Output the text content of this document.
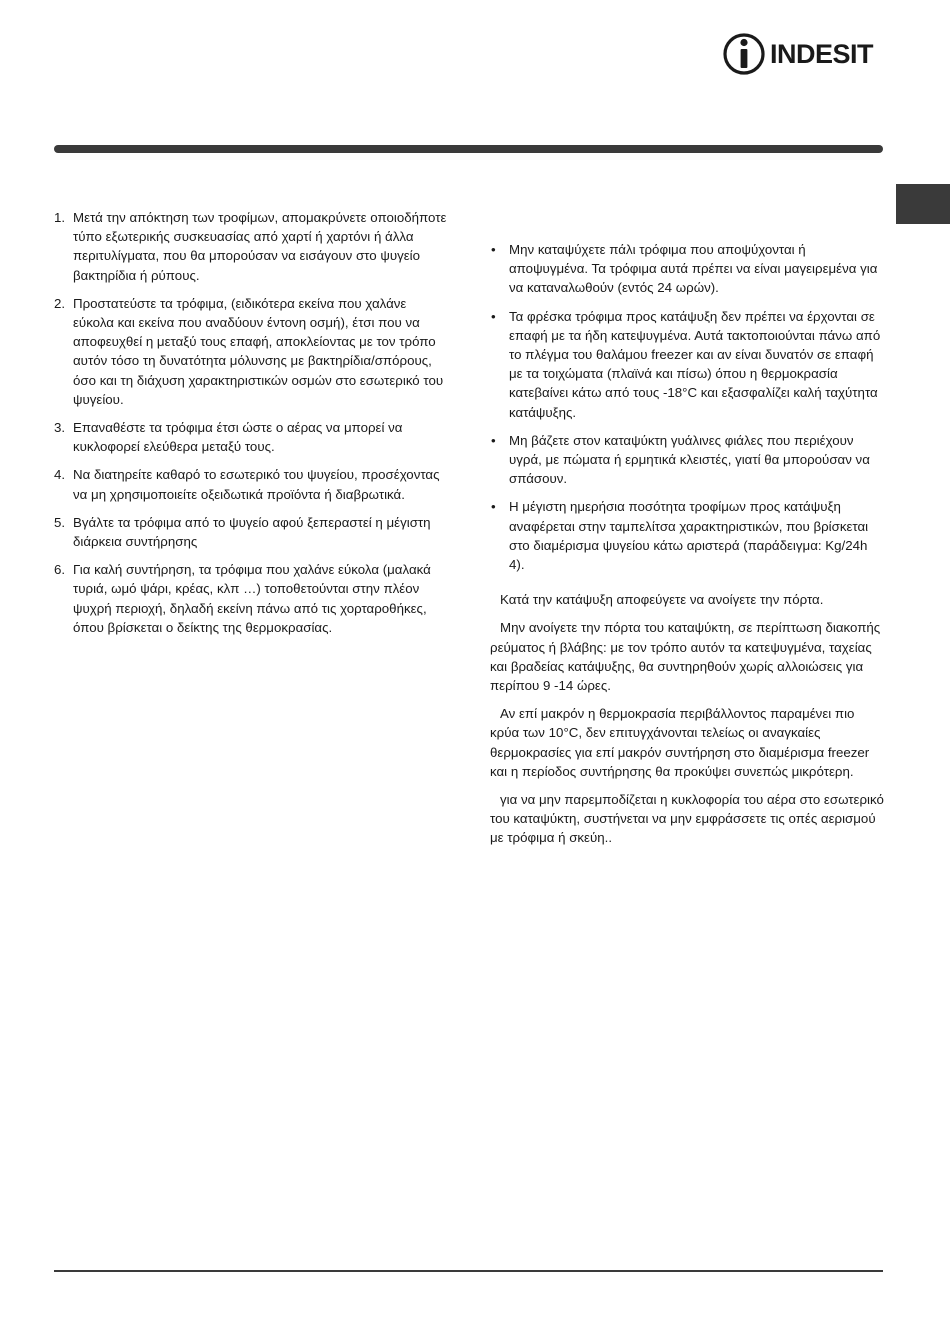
INDESIT
1. Μετά την απόκτηση των τροφίμων, απομακρύνετε οποιοδήποτε τύπο εξωτερικής συσκευασίας από χαρτί ή χαρτόνι ή άλλα περιτυλίγματα, που θα μπορούσαν να εισάγουν στο ψυγείο βακτηρίδια ή ρύπους.
2. Προστατεύστε τα τρόφιμα, (ειδικότερα εκείνα που χαλάνε εύκολα και εκείνα που αναδύουν έντονη οσμή), έτσι που να αποφευχθεί η μεταξύ τους επαφή, αποκλείοντας με τον τρόπο αυτόν τόσο τη δυνατότητα μόλυνσης με βακτηρίδια/σπόρους, όσο και τη διάχυση χαρακτηριστικών οσμών στο εσωτερικό του ψυγείου.
3. Επαναθέστε τα τρόφιμα έτσι ώστε ο αέρας να μπορεί να κυκλοφορεί ελεύθερα μεταξύ τους.
4. Να διατηρείτε καθαρό το εσωτερικό του ψυγείου, προσέχοντας να μη χρησιμοποιείτε οξειδωτικά προϊόντα ή διαβρωτικά.
5. Βγάλτε τα τρόφιμα από το ψυγείο αφού ξεπεραστεί η μέγιστη διάρκεια συντήρησης
6. Για καλή συντήρηση, τα τρόφιμα που χαλάνε εύκολα (μαλακά τυριά, ωμό ψάρι, κρέας, κλπ …) τοποθετούνται στην πλέον ψυχρή περιοχή, δηλαδή εκείνη πάνω από τις χορταροθήκες, όπου βρίσκεται ο δείκτης της θερμοκρασίας.
• Μην καταψύχετε πάλι τρόφιμα που αποψύχονται ή αποψυγμένα. Τα τρόφιμα αυτά πρέπει να είναι μαγειρεμένα για να καταναλωθούν (εντός 24 ωρών).
• Τα φρέσκα τρόφιμα προς κατάψυξη δεν πρέπει να έρχονται σε επαφή με τα ήδη κατεψυγμένα. Αυτά τακτοποιούνται πάνω από το πλέγμα του θαλάμου freezer και αν είναι δυνατόν σε επαφή με τα τοιχώματα (πλαϊνά και πίσω) όπου η θερμοκρασία κατεβαίνει κάτω από τους -18°C και εξασφαλίζει καλή ταχύτητα κατάψυξης.
• Μη βάζετε στον καταψύκτη γυάλινες φιάλες που περιέχουν υγρά, με πώματα ή ερμητικά κλειστές, γιατί θα μπορούσαν να σπάσουν.
• Η μέγιστη ημερήσια ποσότητα τροφίμων προς κατάψυξη αναφέρεται στην ταμπελίτσα χαρακτηριστικών, που βρίσκεται στο διαμέρισμα ψυγείου κάτω αριστερά (παράδειγμα: Kg/24h 4).

Κατά την κατάψυξη αποφεύγετε να ανοίγετε την πόρτα.

Μην ανοίγετε την πόρτα του καταψύκτη, σε περίπτωση διακοπής ρεύματος ή βλάβης: με τον τρόπο αυτόν τα κατεψυγμένα, ταχείας και βραδείας κατάψυξης, θα συντηρηθούν χωρίς αλλοιώσεις για περίπου 9 -14 ώρες.

Αν επί μακρόν η θερμοκρασία περιβάλλοντος παραμένει πιο κρύα των 10°C, δεν επιτυγχάνονται τελείως οι αναγκαίες θερμοκρασίες για επί μακρόν συντήρηση στο διαμέρισμα freezer και η περίοδος συντήρησης θα προκύψει συνεπώς μικρότερη.

για να μην παρεμποδίζεται η κυκλοφορία του αέρα στο εσωτερικό του καταψύκτη, συστήνεται να μην εμφράσσετε τις οπές αερισμού με τρόφιμα ή σκεύη..
